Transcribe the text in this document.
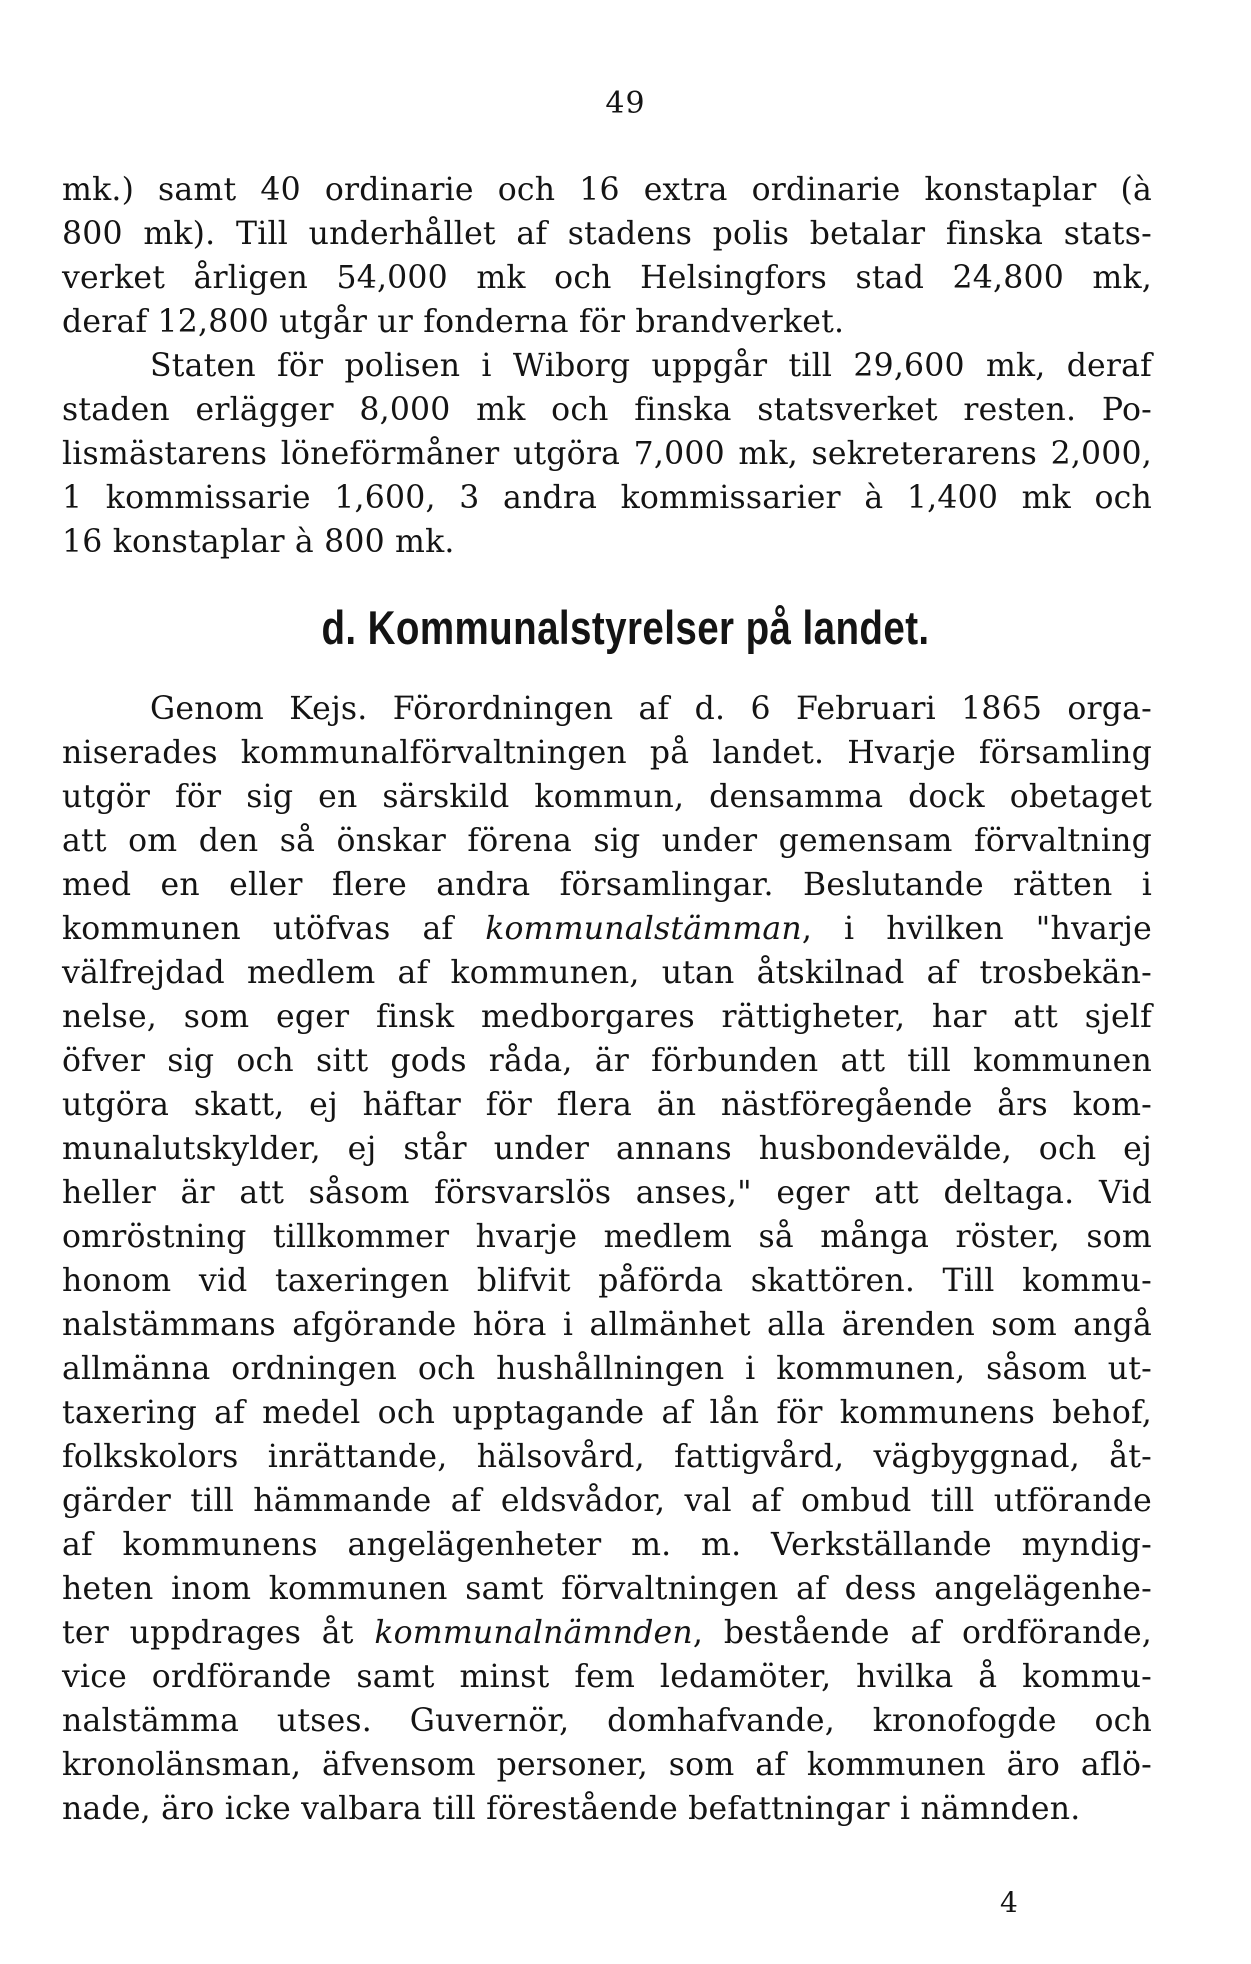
49
mk.) samt 40 ordinarie och 16 extra ordinarie konstaplar (à
800 mk). Till underhållet af stadens polis betalar finska stats-
verket årligen 54,000 mk och Helsingfors stad 24,800 mk,
deraf 12,800 utgår ur fonderna för brandverket.
Staten för polisen i Wiborg uppgår till 29,600 mk, deraf
staden erlägger 8,000 mk och finska statsverket resten. Po-
lismästarens löneförmåner utgöra 7,000 mk, sekreterarens 2,000,
1 kommissarie 1,600, 3 andra kommissarier à 1,400 mk och
16 konstaplar à 800 mk.
d. Kommunalstyrelser på landet.
Genom Kejs. Förordningen af d. 6 Februari 1865 orga-
niserades kommunalförvaltningen på landet. Hvarje församling
utgör för sig en särskild kommun, densamma dock obetaget
att om den så önskar förena sig under gemensam förvaltning
med en eller flere andra församlingar. Beslutande rätten i
kommunen utöfvas af kommunalstämman, i hvilken "hvarje
välfrejdad medlem af kommunen, utan åtskilnad af trosbekän-
nelse, som eger finsk medborgares rättigheter, har att sjelf
öfver sig och sitt gods råda, är förbunden att till kommunen
utgöra skatt, ej häftar för flera än nästföregående års kom-
munalutskylder, ej står under annans husbondevälde, och ej
heller är att såsom försvarslös anses," eger att deltaga. Vid
omröstning tillkommer hvarje medlem så många röster, som
honom vid taxeringen blifvit påförda skattören. Till kommu-
nalstämmans afgörande höra i allmänhet alla ärenden som angå
allmänna ordningen och hushållningen i kommunen, såsom ut-
taxering af medel och upptagande af lån för kommunens behof,
folkskolors inrättande, hälsovård, fattigvård, vägbyggnad, åt-
gärder till hämmande af eldsvådor, val af ombud till utförande
af kommunens angelägenheter m. m. Verkställande myndig-
heten inom kommunen samt förvaltningen af dess angelägenhe-
ter uppdrages åt kommunalnämnden, bestående af ordförande,
vice ordförande samt minst fem ledamöter, hvilka å kommu-
nalstämma utses. Guvernör, domhafvande, kronofogde och
kronolänsman, äfvensom personer, som af kommunen äro aflö-
nade, äro icke valbara till förestående befattningar i nämnden.
4
